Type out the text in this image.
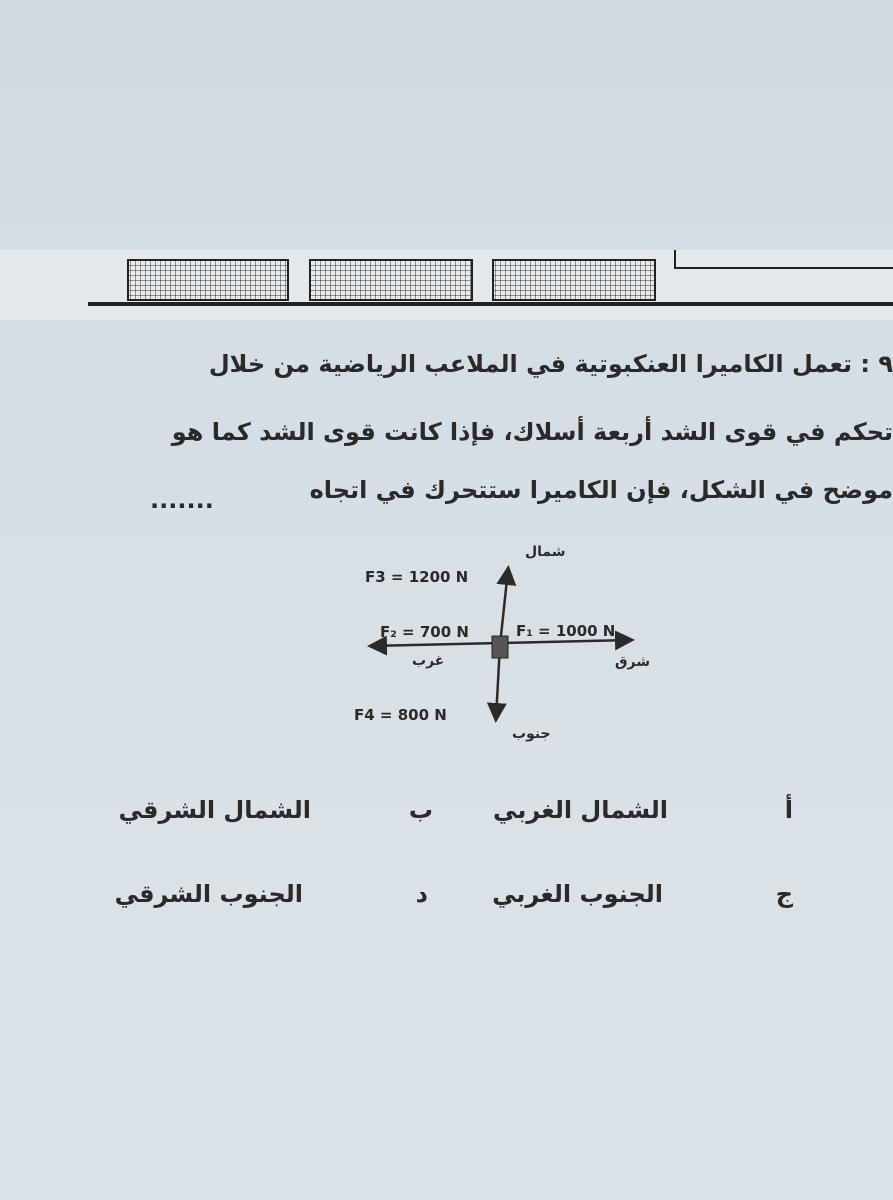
٩ : تعمل الكاميرا العنكبوتية في الملاعب الرياضية من خلال
تحكم في قوى الشد أربعة أسلاك، فإذا كانت قوى الشد كما هو
موضح في الشكل، فإن الكاميرا ستتحرك في اتجاه
.......
شمال
F3 = 1200 N
F₂ = 700 N	F₁ = 1000 N
غرب	شرق
F4 = 800 N
جنوب
أ
الشمال الغربي
ب
الشمال الشرقي
ج
الجنوب الغربي
د
الجنوب الشرقي
